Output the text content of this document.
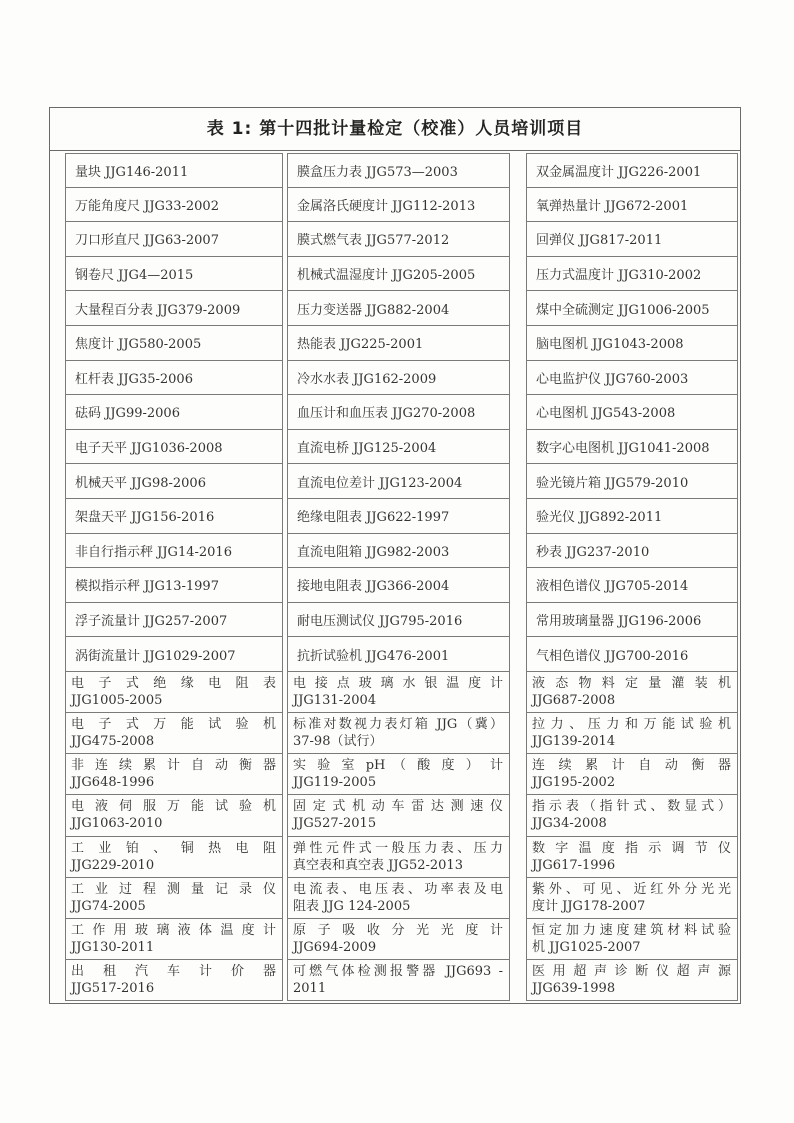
表 1: 第十四批计量检定（校准）人员培训项目
量块 JJG146-2011
万能角度尺 JJG33-2002
刀口形直尺 JJG63-2007
钢卷尺 JJG4—2015
大量程百分表 JJG379-2009
焦度计 JJG580-2005
杠杆表 JJG35-2006
砝码 JJG99-2006
电子天平 JJG1036-2008
机械天平 JJG98-2006
架盘天平 JJG156-2016
非自行指示秤 JJG14-2016
模拟指示秤 JJG13-1997
浮子流量计 JJG257-2007
涡街流量计 JJG1029-2007
电 子 式 绝 缘 电 阻 表
JJG1005-2005
电 子 式 万 能 试 验 机
JJG475-2008
非 连 续 累 计 自 动 衡 器
JJG648-1996
电 液 伺 服 万 能 试 验 机
JJG1063-2010
工 业 铂 、 铜 热 电 阻
JJG229-2010
工 业 过 程 测 量 记 录 仪
JJG74-2005
工作用玻璃液体温度计
JJG130-2011
出 租 汽 车 计 价 器
JJG517-2016
膜盒压力表 JJG573—2003
金属洛氏硬度计 JJG112-2013
膜式燃气表 JJG577-2012
机械式温湿度计 JJG205-2005
压力变送器 JJG882-2004
热能表 JJG225-2001
冷水水表 JJG162-2009
血压计和血压表 JJG270-2008
直流电桥 JJG125-2004
直流电位差计 JJG123-2004
绝缘电阻表 JJG622-1997
直流电阻箱 JJG982-2003
接地电阻表 JJG366-2004
耐电压测试仪 JJG795-2016
抗折试验机 JJG476-2001
电 接 点 玻 璃 水 银 温 度 计
JJG131-2004
标准对数视力表灯箱 JJG（冀）
37-98（试行）
实 验 室 pH （ 酸 度 ） 计
JJG119-2005
固 定 式 机 动 车 雷 达 测 速 仪
JJG527-2015
弹性元件式一般压力表、压力
真空表和真空表 JJG52-2013
电流表、电压表、功率表及电
阻表 JJG 124-2005
原 子 吸 收 分 光 光 度 计
JJG694-2009
可燃气体检测报警器 JJG693 -
2011
双金属温度计 JJG226-2001
氧弹热量计 JJG672-2001
回弹仪 JJG817-2011
压力式温度计 JJG310-2002
煤中全硫测定 JJG1006-2005
脑电图机 JJG1043-2008
心电监护仪 JJG760-2003
心电图机 JJG543-2008
数字心电图机 JJG1041-2008
验光镜片箱 JJG579-2010
验光仪 JJG892-2011
秒表 JJG237-2010
液相色谱仪 JJG705-2014
常用玻璃量器 JJG196-2006
气相色谱仪 JJG700-2016
液 态 物 料 定 量 灌 装 机
JJG687-2008
拉力、压力和万能试验机
JJG139-2014
连 续 累 计 自 动 衡 器
JJG195-2002
指示表（指针式、数显式）
JJG34-2008
数 字 温 度 指 示 调 节 仪
JJG617-1996
紫外、可见、近红外分光光
度计 JJG178-2007
恒定加力速度建筑材料试验
机 JJG1025-2007
医 用 超 声 诊 断 仪 超 声 源
JJG639-1998
